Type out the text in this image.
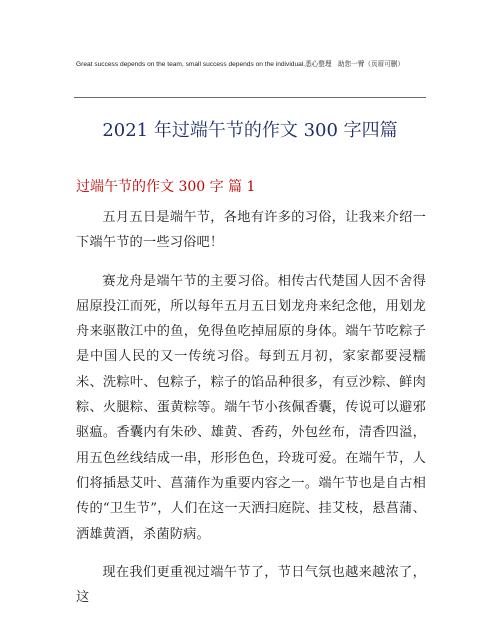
Great success depends on the team, small success depends on the individual.悉心整理　助您一臂（页眉可删）
2021 年过端午节的作文 300 字四篇
过端午节的作文 300 字 篇 1

五月五日是端午节，各地有许多的习俗，让我来介绍一下端午节的一些习俗吧！

赛龙舟是端午节的主要习俗。相传古代楚国人因不舍得屈原投江而死，所以每年五月五日划龙舟来纪念他，用划龙舟来驱散江中的鱼，免得鱼吃掉屈原的身体。端午节吃粽子是中国人民的又一传统习俗。每到五月初，家家都要浸糯米、洗粽叶、包粽子，粽子的馅品种很多，有豆沙粽、鲜肉粽、火腿粽、蛋黄粽等。端午节小孩佩香囊，传说可以避邪驱瘟。香囊内有朱砂、雄黄、香药，外包丝布，清香四溢，用五色丝线结成一串，形形色色，玲珑可爱。在端午节，人们将插悬艾叶、菖蒲作为重要内容之一。端午节也是自古相传的“卫生节”，人们在这一天洒扫庭院、挂艾枝，悬菖蒲、洒雄黄酒，杀菌防病。

现在我们更重视过端午节了，节日气氛也越来越浓了，这
